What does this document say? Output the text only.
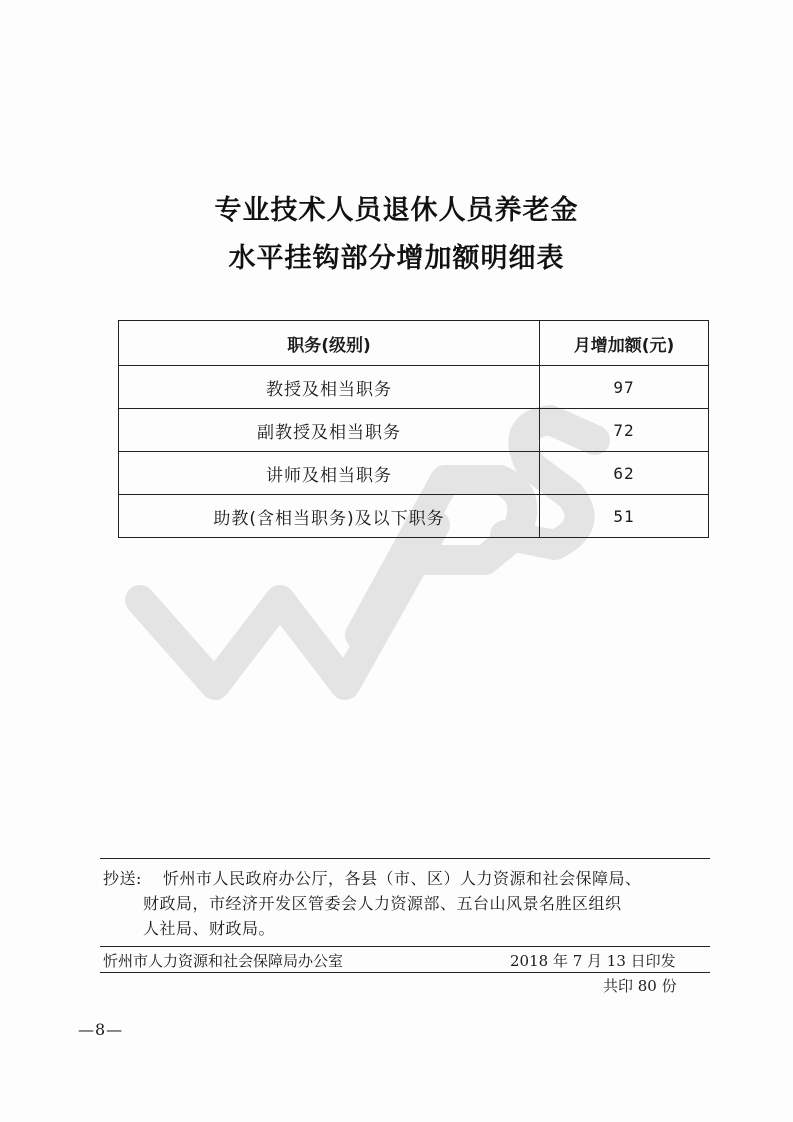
专业技术人员退休人员养老金
水平挂钩部分增加额明细表
职务(级别)	月增加额(元)
教授及相当职务	97
副教授及相当职务	72
讲师及相当职务	62
助教(含相当职务)及以下职务	51
抄送: 忻州市人民政府办公厅，各县（市、区）人力资源和社会保障局、
财政局，市经济开发区管委会人力资源部、五台山风景名胜区组织
人社局、财政局。
忻州市人力资源和社会保障局办公室	2018 年 7 月 13 日印发
共印 80 份
—8—
